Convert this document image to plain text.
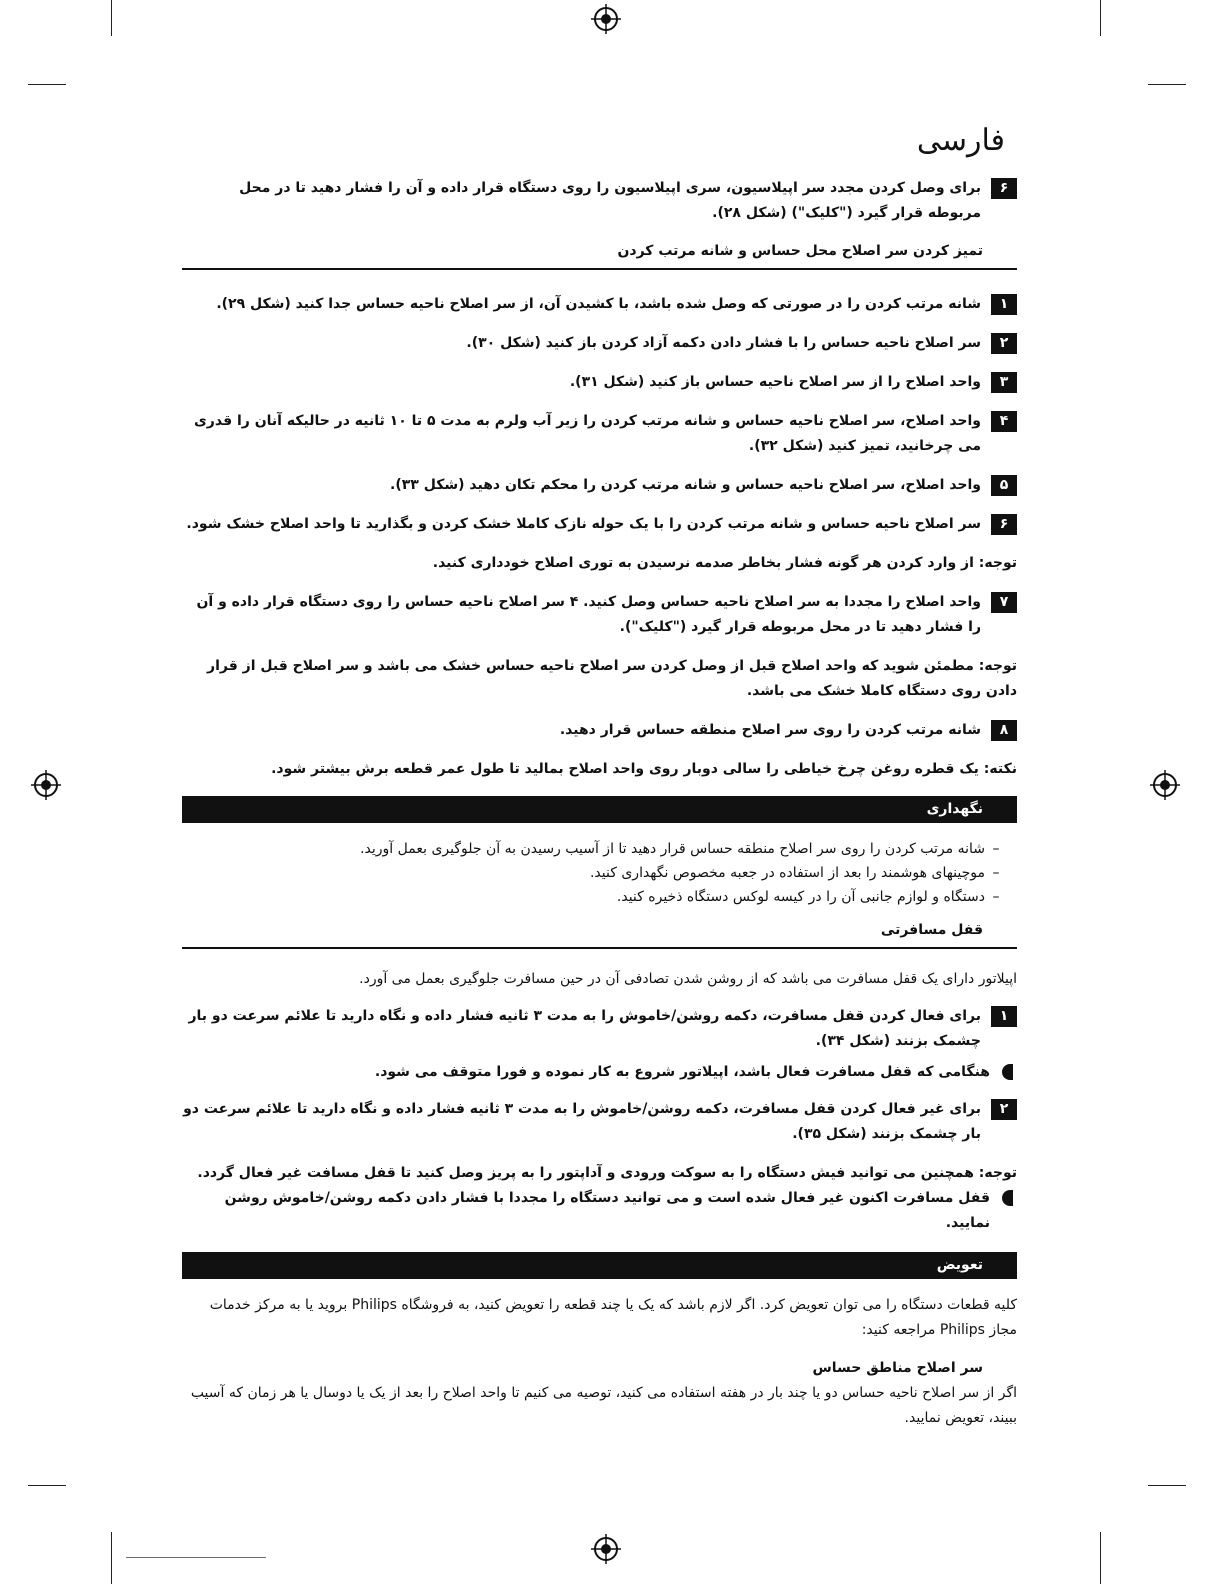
فارسی
۶
برای وصل کردن مجدد سر اپیلاسیون، سری اپیلاسیون را روی دستگاه قرار داده و آن را فشار دهید تا در محل مربوطه قرار گیرد ("کلیک") (شکل ۲۸).
تمیز کردن سر اصلاح محل حساس و شانه مرتب کردن
۱
شانه مرتب کردن را در صورتی که وصل شده باشد، با کشیدن آن، از سر اصلاح ناحیه حساس جدا کنید (شکل ۲۹).
۲
سر اصلاح ناحیه حساس را با فشار دادن دکمه آزاد کردن باز کنید (شکل ۳۰).
۳
واحد اصلاح را از سر اصلاح ناحیه حساس باز کنید (شکل ۳۱).
۴
واحد اصلاح، سر اصلاح ناحیه حساس و شانه مرتب کردن را زیر آب ولرم به مدت ۵ تا ۱۰ ثانیه در حالیکه آنان را قدری می چرخانید، تمیز کنید (شکل ۳۲).
۵
واحد اصلاح، سر اصلاح ناحیه حساس و شانه مرتب کردن را محکم تکان دهید (شکل ۳۳).
۶
سر اصلاح ناحیه حساس و شانه مرتب کردن را با یک حوله نازک کاملا خشک کردن و بگذارید تا واحد اصلاح خشک شود.
توجه: از وارد کردن هر گونه فشار بخاطر صدمه نرسیدن به توری اصلاح خودداری کنید.
۷
واحد اصلاح را مجددا به سر اصلاح ناحیه حساس وصل کنید. ۴ سر اصلاح ناحیه حساس را روی دستگاه قرار داده و آن را فشار دهید تا در محل مربوطه قرار گیرد ("کلیک").
توجه: مطمئن شوید که واحد اصلاح قبل از وصل کردن سر اصلاح ناحیه حساس خشک می باشد و سر اصلاح قبل از قرار دادن روی دستگاه کاملا خشک می باشد.
۸
شانه مرتب کردن را روی سر اصلاح منطقه حساس قرار دهید.
نکته: یک قطره روغن چرخ خیاطی را سالی دوبار روی واحد اصلاح بمالید تا طول عمر قطعه برش بیشتر شود.
نگهداری
–
شانه مرتب کردن را روی سر اصلاح منطقه حساس قرار دهید تا از آسیب رسیدن به آن جلوگیری بعمل آورید.
–
موچینهای هوشمند را بعد از استفاده در جعبه مخصوص نگهداری کنید.
–
دستگاه و لوازم جانبی آن را در کیسه لوکس دستگاه ذخیره کنید.
قفل مسافرتی
اپیلاتور دارای یک قفل مسافرت می باشد که از روشن شدن تصادفی آن در حین مسافرت جلوگیری بعمل می آورد.
۱
برای فعال کردن قفل مسافرت، دکمه روشن/خاموش را به مدت ۳ ثانیه فشار داده و نگاه دارید تا علائم سرعت دو بار چشمک بزنند (شکل ۳۴).
هنگامی که قفل مسافرت فعال باشد، اپیلاتور شروع به کار نموده و فورا متوقف می شود.
۲
برای غیر فعال کردن قفل مسافرت، دکمه روشن/خاموش را به مدت ۳ ثانیه فشار داده و نگاه دارید تا علائم سرعت دو بار چشمک بزنند (شکل ۳۵).
توجه: همچنین می توانید فیش دستگاه را به سوکت ورودی و آداپتور را به پریز وصل کنید تا قفل مسافت غیر فعال گردد.
قفل مسافرت اکنون غیر فعال شده است و می توانید دستگاه را مجددا با فشار دادن دکمه روشن/خاموش روشن نمایید.
تعویض
کلیه قطعات دستگاه را می توان تعویض کرد. اگر لازم باشد که یک یا چند قطعه را تعویض کنید، به فروشگاه Philips بروید یا به مرکز خدمات مجاز Philips مراجعه کنید:
سر اصلاح مناطق حساس
اگر از سر اصلاح ناحیه حساس دو یا چند بار در هفته استفاده می کنید، توصیه می کنیم تا واحد اصلاح را بعد از یک یا دوسال یا هر زمان که آسیب ببیند، تعویض نمایید.
